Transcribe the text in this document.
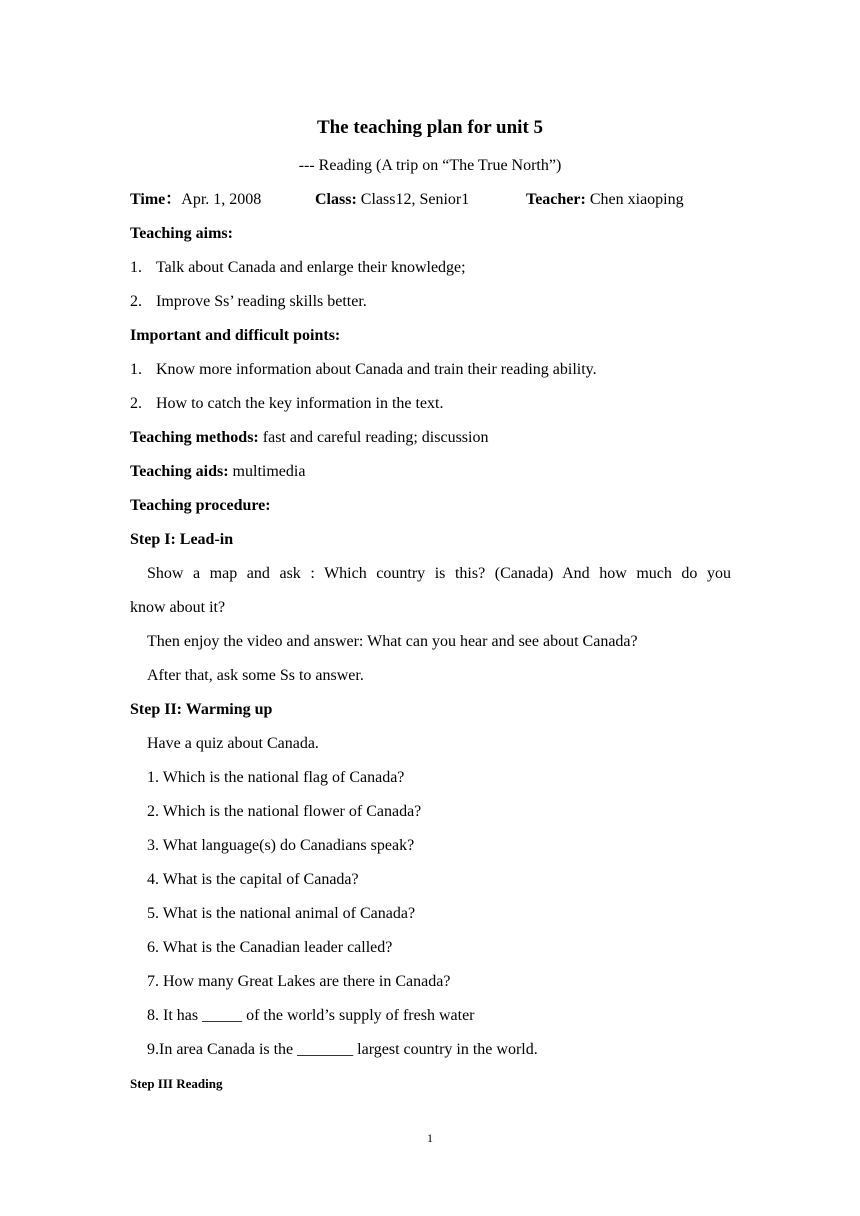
The teaching plan for unit 5
--- Reading (A trip on “The True North”)
Time：Apr. 1, 2008	Class: Class12, Senior1	Teacher: Chen xiaoping
Teaching aims:
1. Talk about Canada and enlarge their knowledge;
2. Improve Ss’ reading skills better.
Important and difficult points:
1. Know more information about Canada and train their reading ability.
2. How to catch the key information in the text.
Teaching methods: fast and careful reading; discussion
Teaching aids: multimedia
Teaching procedure:
Step I: Lead-in
Show a map and ask : Which country is this? (Canada) And how much do you
know about it?
Then enjoy the video and answer: What can you hear and see about Canada?
After that, ask some Ss to answer.
Step II: Warming up
Have a quiz about Canada.
1. Which is the national flag of Canada?
2. Which is the national flower of Canada?
3. What language(s) do Canadians speak?
4. What is the capital of Canada?
5. What is the national animal of Canada?
6. What is the Canadian leader called?
7. How many Great Lakes are there in Canada?
8. It has _____ of the world’s supply of fresh water
9.In area Canada is the _______ largest country in the world.
Step III Reading
1
